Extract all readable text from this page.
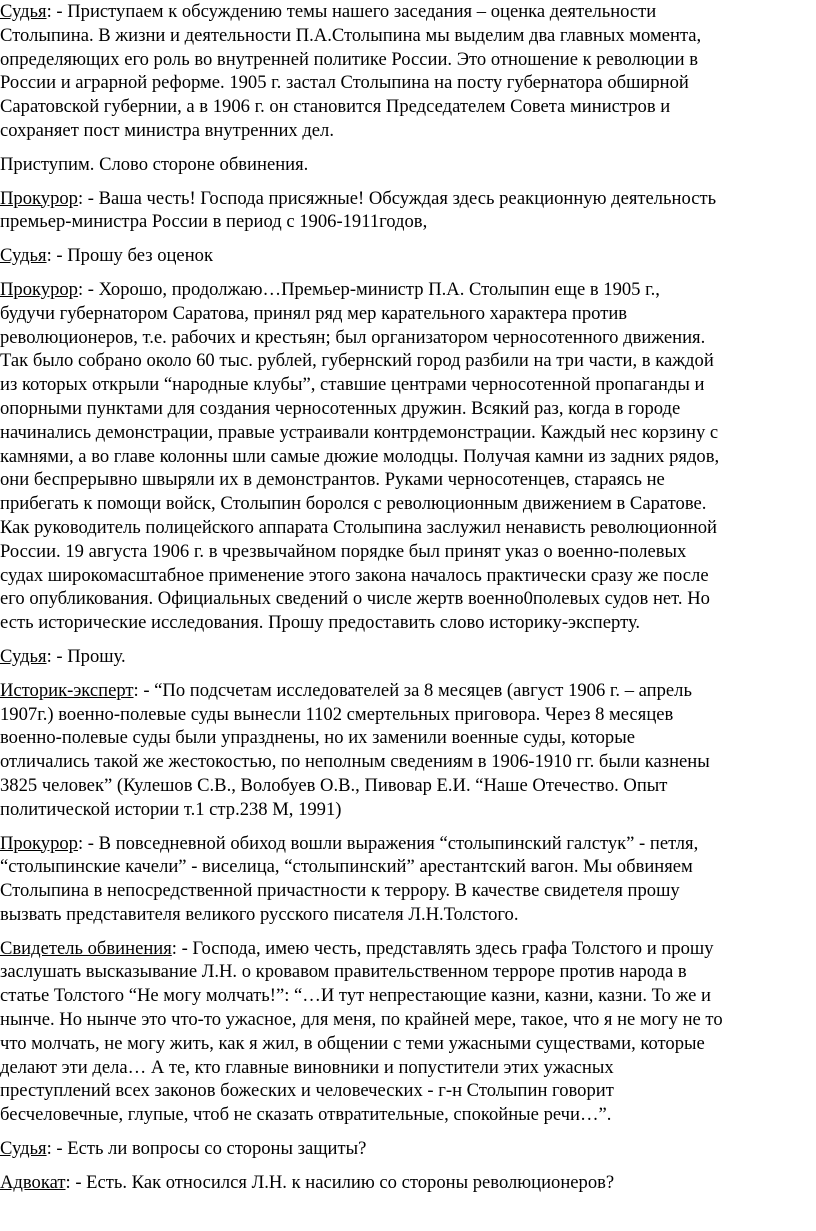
Судья: - Приступаем к обсуждению темы нашего заседания – оценка деятельности
Столыпина. В жизни и деятельности П.А.Столыпина мы выделим два главных момента,
определяющих его роль во внутренней политике России. Это отношение к революции в
России и аграрной реформе. 1905 г. застал Столыпина на посту губернатора обширной
Саратовской губернии, а в 1906 г. он становится Председателем Совета министров и
сохраняет пост министра внутренних дел.

Приступим. Слово стороне обвинения.

Прокурор: - Ваша честь! Господа присяжные! Обсуждая здесь реакционную деятельность
премьер-министра России в период с 1906-1911годов,

Судья: - Прошу без оценок

Прокурор: - Хорошо, продолжаю…Премьер-министр П.А. Столыпин еще в 1905 г.,
будучи губернатором Саратова, принял ряд мер карательного характера против
революционеров, т.е. рабочих и крестьян; был организатором черносотенного движения.
Так было собрано около 60 тыс. рублей, губернский город разбили на три части, в каждой
из которых открыли “народные клубы”, ставшие центрами черносотенной пропаганды и
опорными пунктами для создания черносотенных дружин. Всякий раз, когда в городе
начинались демонстрации, правые устраивали контрдемонстрации. Каждый нес корзину с
камнями, а во главе колонны шли самые дюжие молодцы. Получая камни из задних рядов,
они беспрерывно швыряли их в демонстрантов. Руками черносотенцев, стараясь не
прибегать к помощи войск, Столыпин боролся с революционным движением в Саратове.
Как руководитель полицейского аппарата Столыпина заслужил ненависть революционной
России. 19 августа 1906 г. в чрезвычайном порядке был принят указ о военно-полевых
судах широкомасштабное применение этого закона началось практически сразу же после
его опубликования. Официальных сведений о числе жертв военно0полевых судов нет. Но
есть исторические исследования. Прошу предоставить слово историку-эксперту.

Судья: - Прошу.

Историк-эксперт: - “По подсчетам исследователей за 8 месяцев (август 1906 г. – апрель
1907г.) военно-полевые суды вынесли 1102 смертельных приговора. Через 8 месяцев
военно-полевые суды были упразднены, но их заменили военные суды, которые
отличались такой же жестокостью, по неполным сведениям в 1906-1910 гг. были казнены
3825 человек” (Кулешов С.В., Волобуев О.В., Пивовар Е.И. “Наше Отечество. Опыт
политической истории т.1 стр.238 М, 1991)

Прокурор: - В повседневной обиход вошли выражения “столыпинский галстук” - петля,
“столыпинские качели” - виселица, “столыпинский” арестантский вагон. Мы обвиняем
Столыпина в непосредственной причастности к террору. В качестве свидетеля прошу
вызвать представителя великого русского писателя Л.Н.Толстого.

Свидетель обвинения: - Господа, имею честь, представлять здесь графа Толстого и прошу
заслушать высказывание Л.Н. о кровавом правительственном терроре против народа в
статье Толстого “Не могу молчать!”: “…И тут непрестающие казни, казни, казни. То же и
нынче. Но нынче это что-то ужасное, для меня, по крайней мере, такое, что я не могу не то
что молчать, не могу жить, как я жил, в общении с теми ужасными существами, которые
делают эти дела… А те, кто главные виновники и попустители этих ужасных
преступлений всех законов божеских и человеческих - г-н Столыпин говорит
бесчеловечные, глупые, чтоб не сказать отвратительные, спокойные речи…”.

Судья: - Есть ли вопросы со стороны защиты?

Адвокат: - Есть. Как относился Л.Н. к насилию со стороны революционеров?
